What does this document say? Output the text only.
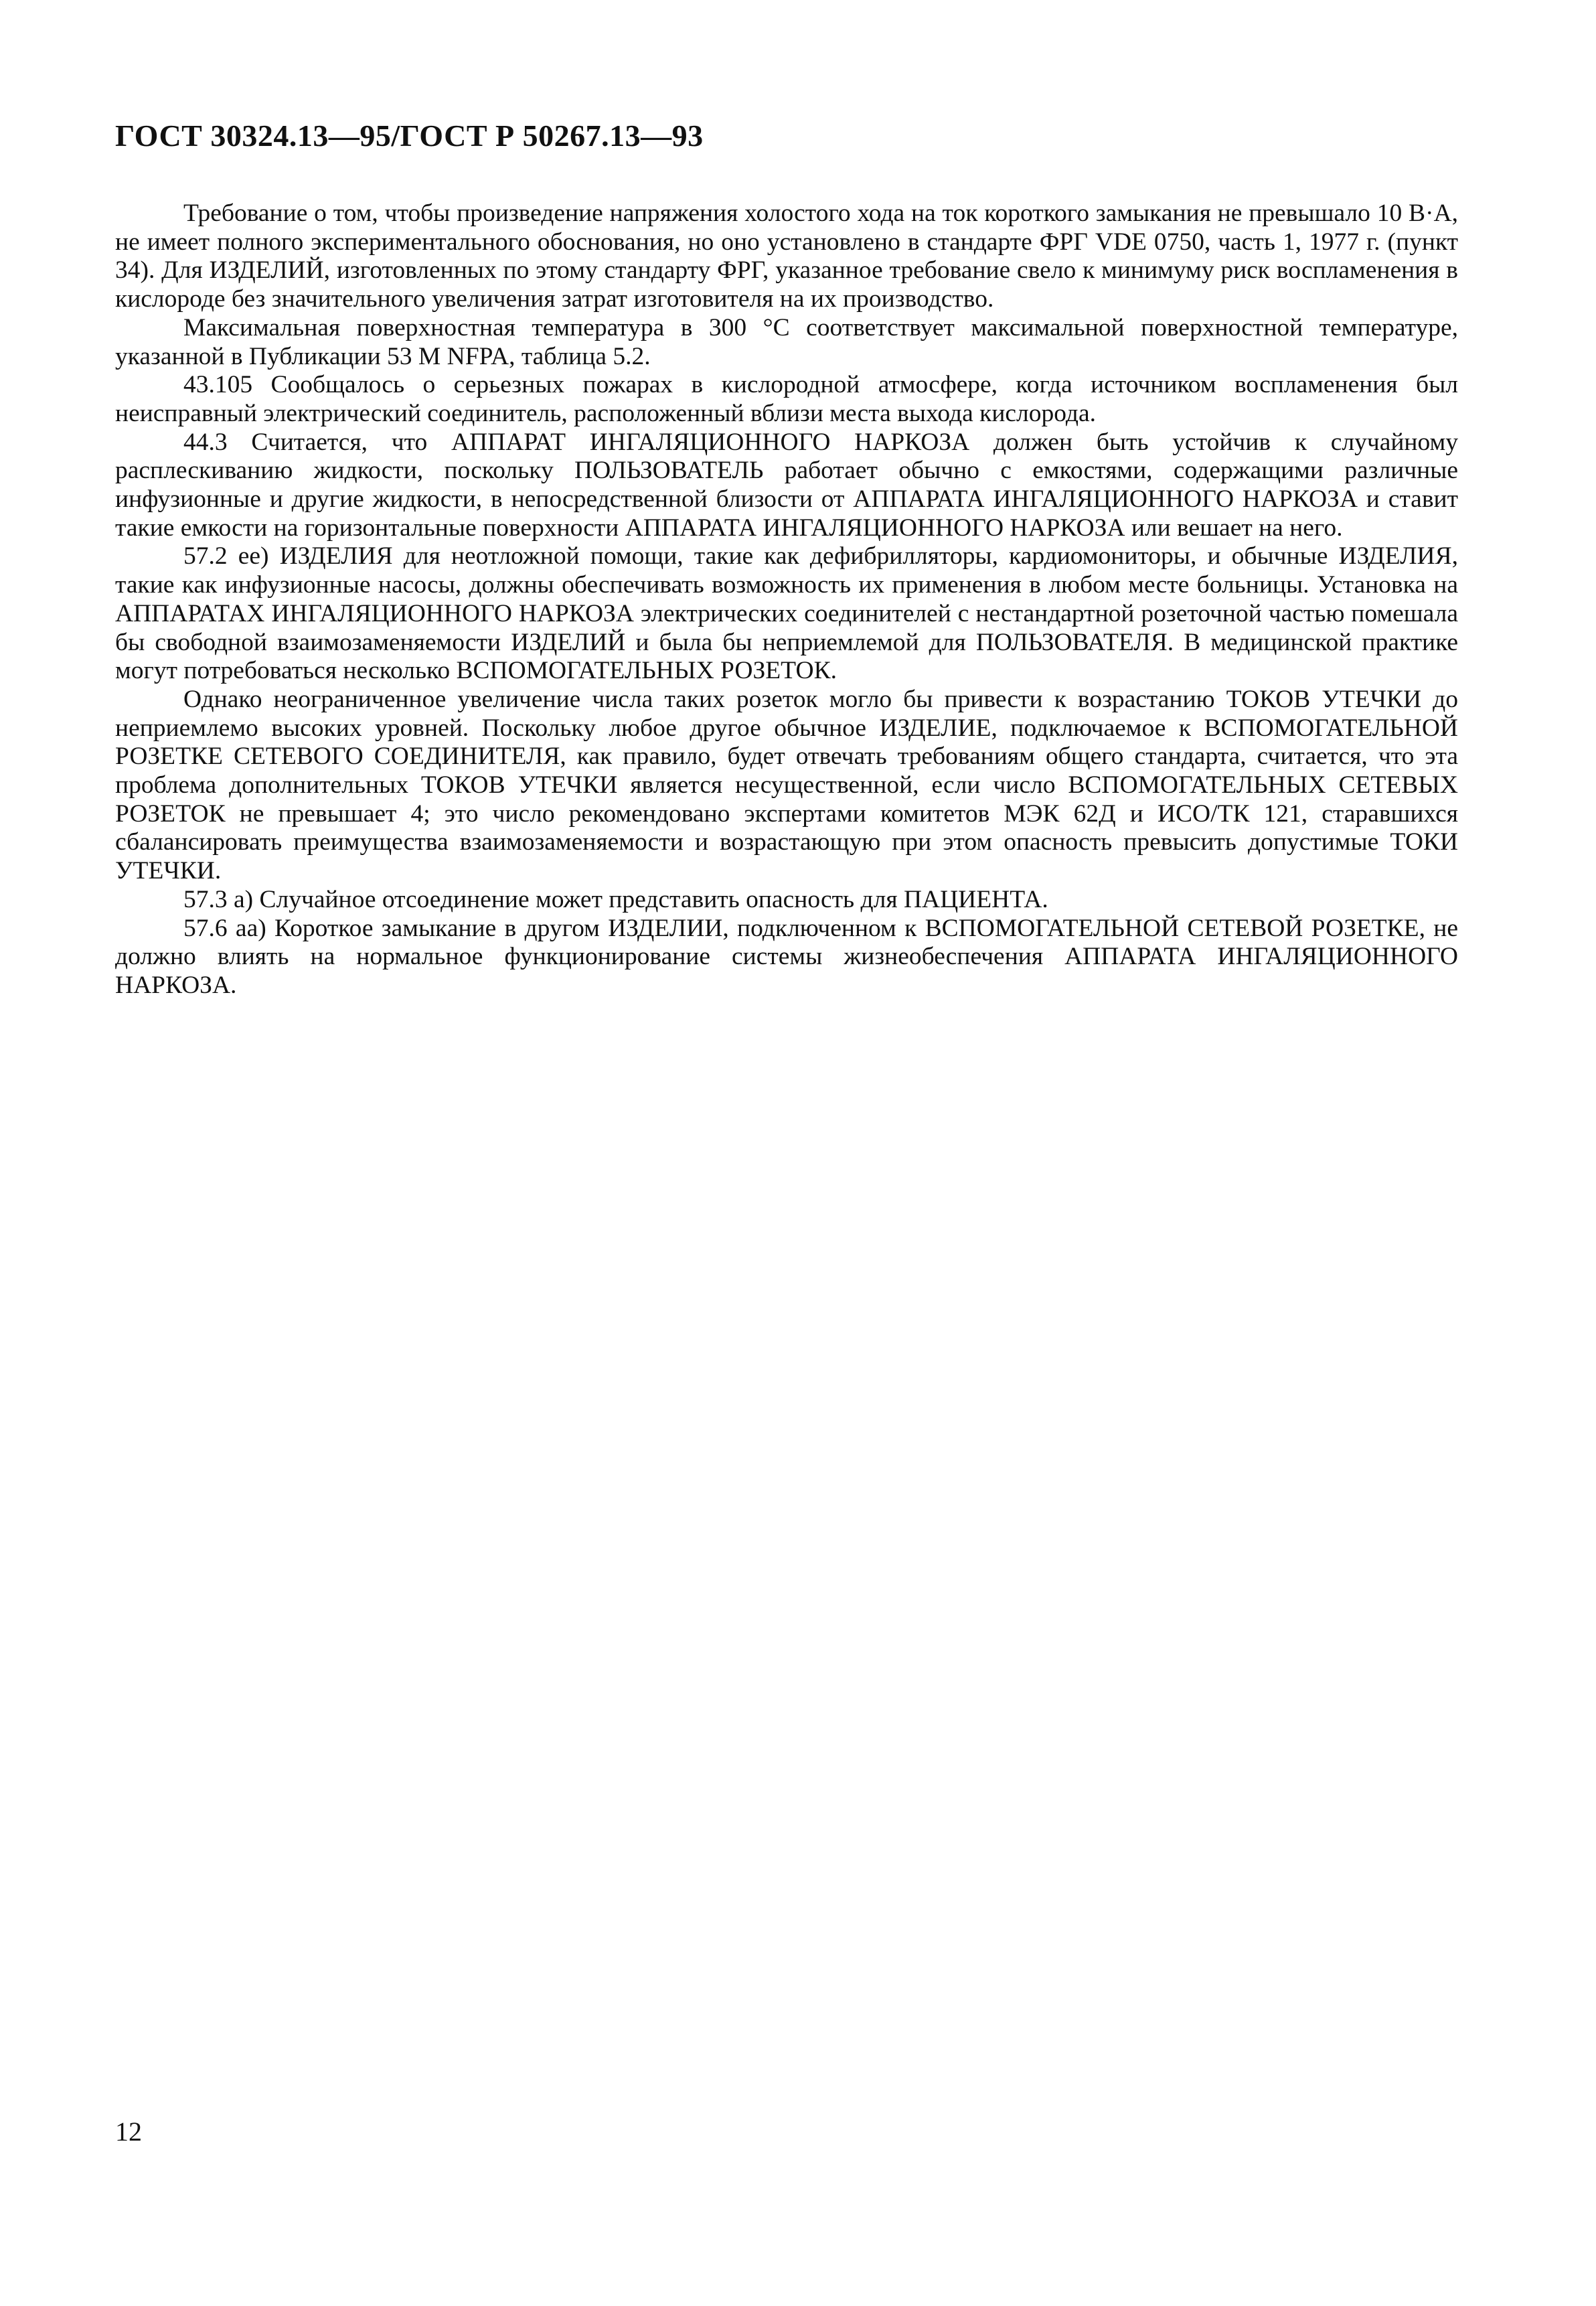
ГОСТ 30324.13—95/ГОСТ Р 50267.13—93

Требование о том, чтобы произведение напряжения холостого хода на ток короткого замыкания не превышало 10 В·А, не имеет полного экспериментального обоснования, но оно установлено в стандарте ФРГ VDE 0750, часть 1, 1977 г. (пункт 34). Для ИЗДЕЛИЙ, изготовленных по этому стандарту ФРГ, указанное требование свело к минимуму риск воспламенения в кислороде без значительного увеличения затрат изготовителя на их производство.

Максимальная поверхностная температура в 300 °С соответствует максимальной поверхностной температуре, указанной в Публикации 53 М NFPA, таблица 5.2.

43.105 Сообщалось о серьезных пожарах в кислородной атмосфере, когда источником воспламенения был неисправный электрический соединитель, расположенный вблизи места выхода кислорода.

44.3 Считается, что АППАРАТ ИНГАЛЯЦИОННОГО НАРКОЗА должен быть устойчив к случайному расплескиванию жидкости, поскольку ПОЛЬЗОВАТЕЛЬ работает обычно с емкостями, содержащими различные инфузионные и другие жидкости, в непосредственной близости от АППАРАТА ИНГАЛЯЦИОННОГО НАРКОЗА и ставит такие емкости на горизонтальные поверхности АППАРАТА ИНГАЛЯЦИОННОГО НАРКОЗА или вешает на него.

57.2 ее) ИЗДЕЛИЯ для неотложной помощи, такие как дефибрилляторы, кардиомониторы, и обычные ИЗДЕЛИЯ, такие как инфузионные насосы, должны обеспечивать возможность их применения в любом месте больницы. Установка на АППАРАТАХ ИНГАЛЯЦИОННОГО НАРКОЗА электрических соединителей с нестандартной розеточной частью помешала бы свободной взаимозаменяемости ИЗДЕЛИЙ и была бы неприемлемой для ПОЛЬЗОВАТЕЛЯ. В медицинской практике могут потребоваться несколько ВСПОМОГАТЕЛЬНЫХ РОЗЕТОК.

Однако неограниченное увеличение числа таких розеток могло бы привести к возрастанию ТОКОВ УТЕЧКИ до неприемлемо высоких уровней. Поскольку любое другое обычное ИЗДЕЛИЕ, подключаемое к ВСПОМОГАТЕЛЬНОЙ РОЗЕТКЕ СЕТЕВОГО СОЕДИНИТЕЛЯ, как правило, будет отвечать требованиям общего стандарта, считается, что эта проблема дополнительных ТОКОВ УТЕЧКИ является несущественной, если число ВСПОМОГАТЕЛЬНЫХ СЕТЕВЫХ РОЗЕТОК не превышает 4; это число рекомендовано экспертами комитетов МЭК 62Д и ИСО/ТК 121, старавшихся сбалансировать преимущества взаимозаменяемости и возрастающую при этом опасность превысить допустимые ТОКИ УТЕЧКИ.

57.3 а) Случайное отсоединение может представить опасность для ПАЦИЕНТА.

57.6 аа) Короткое замыкание в другом ИЗДЕЛИИ, подключенном к ВСПОМОГАТЕЛЬНОЙ СЕТЕВОЙ РОЗЕТКЕ, не должно влиять на нормальное функционирование системы жизнеобеспечения АППАРАТА ИНГАЛЯЦИОННОГО НАРКОЗА.

12
